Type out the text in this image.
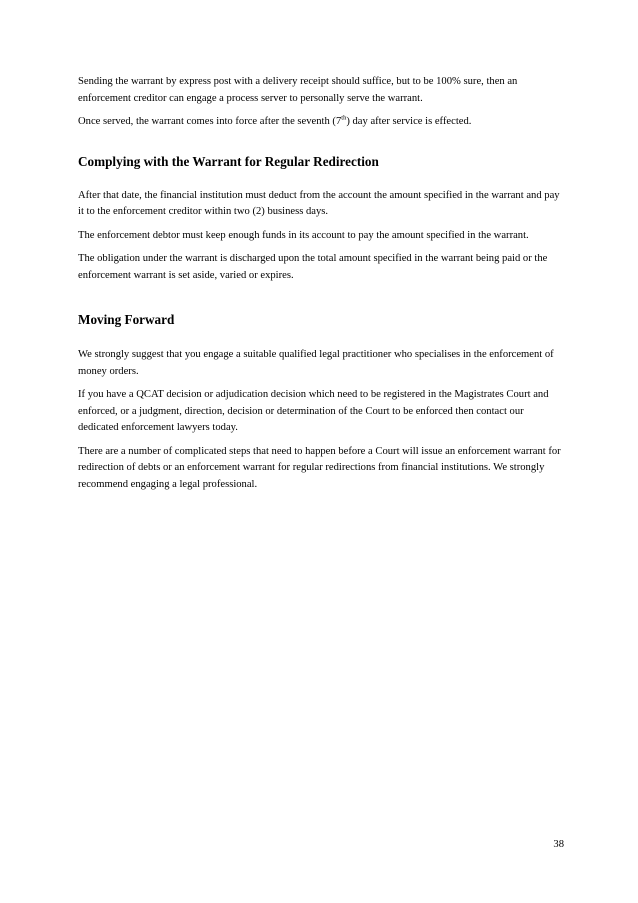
Sending the warrant by express post with a delivery receipt should suffice, but to be 100% sure, then an enforcement creditor can engage a process server to personally serve the warrant.

Once served, the warrant comes into force after the seventh (7th) day after service is effected.

Complying with the Warrant for Regular Redirection

After that date, the financial institution must deduct from the account the amount specified in the warrant and pay it to the enforcement creditor within two (2) business days.

The enforcement debtor must keep enough funds in its account to pay the amount specified in the warrant.

The obligation under the warrant is discharged upon the total amount specified in the warrant being paid or the enforcement warrant is set aside, varied or expires.

Moving Forward

We strongly suggest that you engage a suitable qualified legal practitioner who specialises in the enforcement of money orders.

If you have a QCAT decision or adjudication decision which need to be registered in the Magistrates Court and enforced, or a judgment, direction, decision or determination of the Court to be enforced then contact our dedicated enforcement lawyers today.

There are a number of complicated steps that need to happen before a Court will issue an enforcement warrant for redirection of debts or an enforcement warrant for regular redirections from financial institutions. We strongly recommend engaging a legal professional.

38
